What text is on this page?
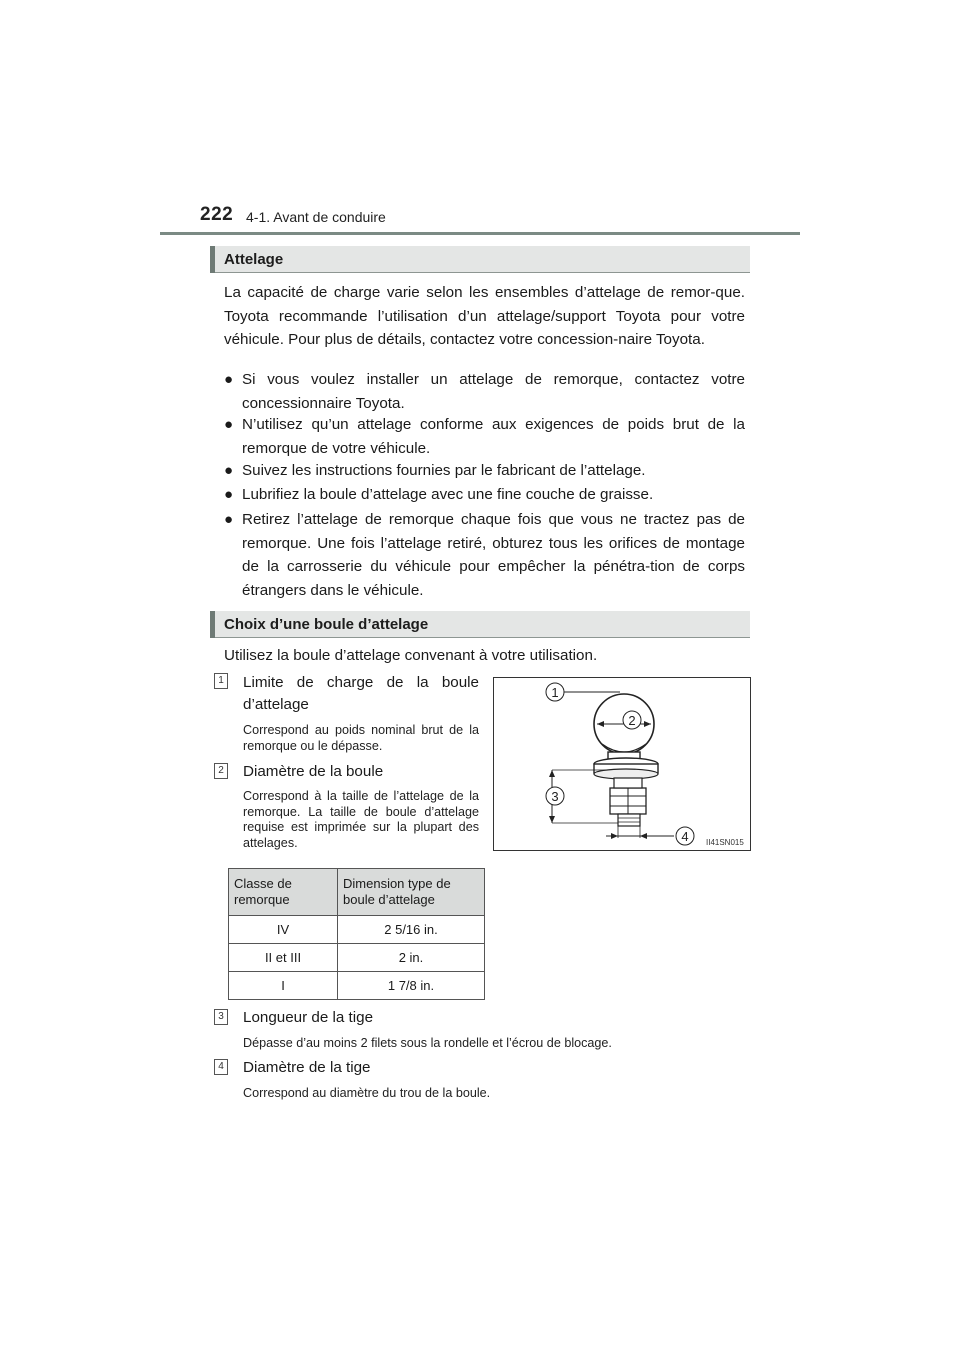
222 4-1. Avant de conduire
Attelage

La capacité de charge varie selon les ensembles d’attelage de remor-que. Toyota recommande l’utilisation d’un attelage/support Toyota pour votre véhicule. Pour plus de détails, contactez votre concession-naire Toyota.

● Si vous voulez installer un attelage de remorque, contactez votre concessionnaire Toyota.
● N’utilisez qu’un attelage conforme aux exigences de poids brut de la remorque de votre véhicule.
● Suivez les instructions fournies par le fabricant de l’attelage.
● Lubrifiez la boule d’attelage avec une fine couche de graisse.
● Retirez l’attelage de remorque chaque fois que vous ne tractez pas de remorque. Une fois l’attelage retiré, obturez tous les orifices de montage de la carrosserie du véhicule pour empêcher la pénétra-tion de corps étrangers dans le véhicule.
Choix d’une boule d’attelage

Utilisez la boule d’attelage convenant à votre utilisation.

1 Limite de charge de la boule d’attelage
Correspond au poids nominal brut de la remorque ou le dépasse.
2 Diamètre de la boule
Correspond à la taille de l’attelage de la remorque. La taille de boule d’attelage requise est imprimée sur la plupart des attelages.
1
2
3
4 II41SN015
Classe de remorque	Dimension type de boule d’attelage
IV	2 5/16 in.
II et III	2 in.
I	1 7/8 in.
3 Longueur de la tige
Dépasse d’au moins 2 filets sous la rondelle et l’écrou de blocage.
4 Diamètre de la tige
Correspond au diamètre du trou de la boule.
